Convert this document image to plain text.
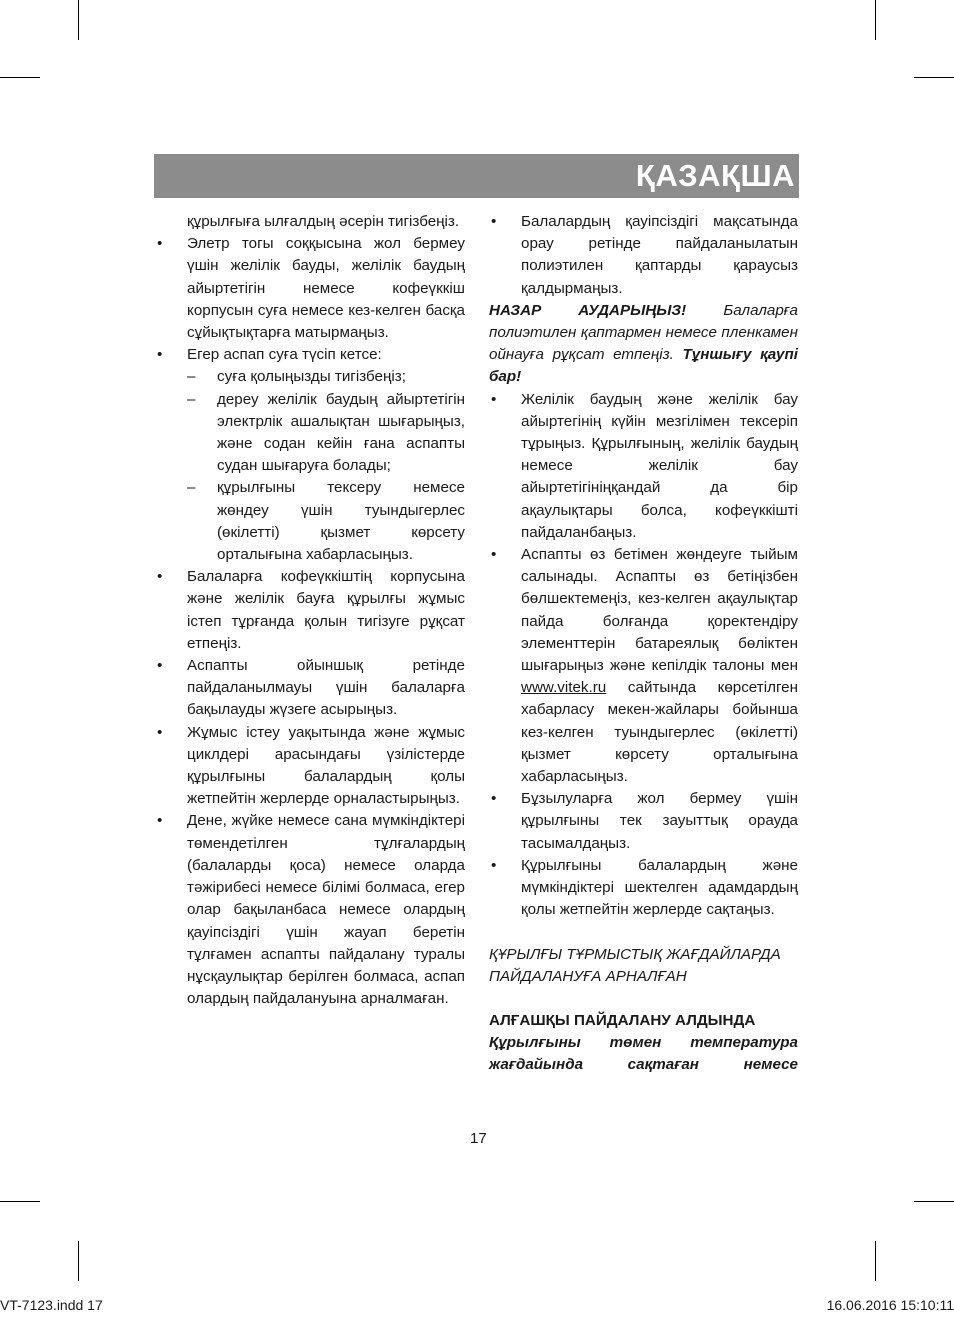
ҚАЗАҚША
құрылғыға ылғалдың әсерін тигізбеңіз.
• Элетр тогы соққысына жол бермеу үшін желілік бауды, желілік баудың айыртетігін немесе кофеүккіш корпусын суға немесе кез-келген басқа сұйықтықтарға матырмаңыз.
• Егер аспап суға түсіп кетсе:
– суға қолыңызды тигізбеңіз;
– дереу желілік баудың айыртетігін электрлік ашалықтан шығарыңыз, және содан кейін ғана аспапты судан шығаруға болады;
– құрылғыны тексеру немесе жөндеу үшін туындыгерлес (өкілетті) қызмет көрсету орталығына хабарласыңыз.
• Балаларға кофеүккіштің корпусына және желілік бауға құрылғы жұмыс істеп тұрғанда қолын тигізуге рұқсат етпеңіз.
• Аспапты ойыншық ретінде пайдаланылмауы үшін балаларға бақылауды жүзеге асырыңыз.
• Жұмыс істеу уақытында және жұмыс циклдері арасындағы үзілістерде құрылғыны балалардың қолы жетпейтін жерлерде орналастырыңыз.
• Дене, жүйке немесе сана мүмкіндіктері төмендетілген тұлғалардың (балаларды қоса) немесе оларда тәжірибесі немесе білімі болмаса, егер олар бақыланбаса немесе олардың қауіпсіздігі үшін жауап беретін тұлғамен аспапты пайдалану туралы нұсқаулықтар берілген болмаса, аспап олардың пайдалануына арналмаған.
• Балалардың қауіпсіздігі мақсатында орау ретінде пайдаланылатын полиэтилен қаптарды қараусыз қалдырмаңыз.
НАЗАР АУДАРЫҢЫЗ! Балаларға полиэтилен қаптармен немесе пленкамен ойнауға рұқсат етпеңіз. Тұншығу қаупі бар!
• Желілік баудың және желілік бау айыртегінің күйін мезгілімен тексеріп тұрыңыз. Құрылғының, желілік баудың немесе желілік бау айыртетігініңқандай да бір ақаулықтары болса, кофеүккішті пайдаланбаңыз.
• Аспапты өз бетімен жөндеуге тыйым салынады. Аспапты өз бетіңізбен бөлшектемеңіз, кез-келген ақаулықтар пайда болғанда қоректендіру элементтерін батареялық бөліктен шығарыңыз және кепілдік талоны мен www.vitek.ru сайтында көрсетілген хабарласу мекен-жайлары бойынша кез-келген туындыгерлес (өкілетті) қызмет көрсету орталығына хабарласыңыз.
• Бұзылуларға жол бермеу үшін құрылғыны тек зауыттық орауда тасымалдаңыз.
• Құрылғыны балалардың және мүмкіндіктері шектелген адамдардың қолы жетпейтін жерлерде сақтаңыз.
ҚҰРЫЛҒЫ ТҰРМЫСТЫҚ ЖАҒДАЙЛАРДА ПАЙДАЛАНУҒА АРНАЛҒАН
АЛҒАШҚЫ ПАЙДАЛАНУ АЛДЫНДА
Құрылғыны төмен температура жағдайында сақтаған немесе
17
VT-7123.indd 17	16.06.2016 15:10:11
